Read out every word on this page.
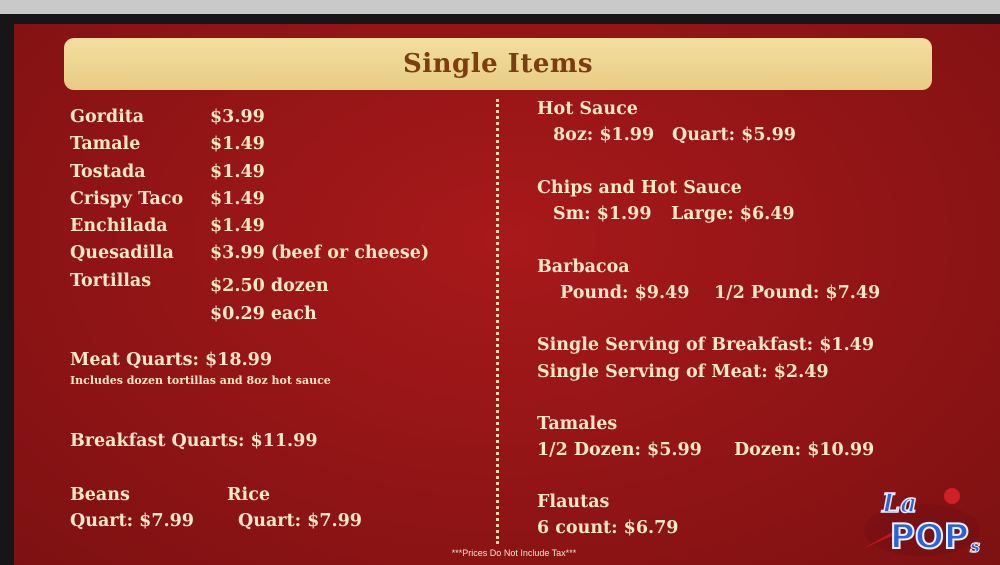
Single Items
Gordita	$3.99
Tamale	$1.49
Tostada	$1.49
Crispy Taco $1.49
Enchilada $1.49
Quesadilla $3.99 (beef or cheese)
Tortillas	$2.50 dozen
$0.29 each
Meat Quarts: $18.99
Includes dozen tortillas and 8oz hot sauce
Breakfast Quarts: $11.99
Beans
Quart: $7.99
Rice
Quart: $7.99
Hot Sauce
8oz: $1.99 Quart: $5.99
Chips and Hot Sauce
Sm: $1.99 Large: $6.49
Barbacoa
Pound: $9.49 1/2 Pound: $7.49
Single Serving of Breakfast: $1.49
Single Serving of Meat: $2.49
Tamales
1/2 Dozen: $5.99 Dozen: $10.99
Flautas
6 count: $6.79
***Prices Do Not Include Tax***
La
POP s
